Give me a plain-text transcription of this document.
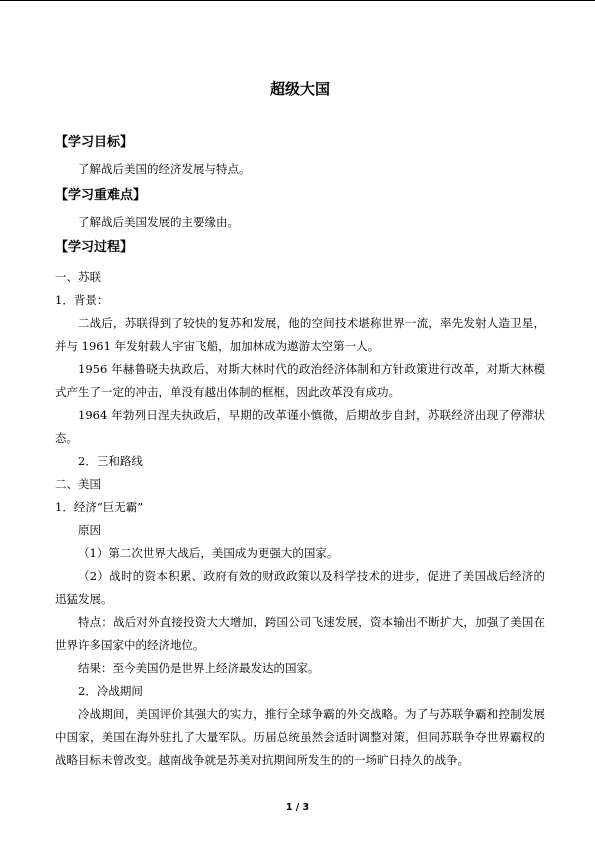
超级大国
【学习目标】
了解战后美国的经济发展与特点。
【学习重难点】
了解战后美国发展的主要缘由。
【学习过程】
一、苏联
1．背景：
二战后，苏联得到了较快的复苏和发展，他的空间技术堪称世界一流，率先发射人造卫星，并与 1961 年发射载人宇宙飞船，加加林成为遨游太空第一人。
1956 年赫鲁晓夫执政后，对斯大林时代的政治经济体制和方针政策进行改革，对斯大林模式产生了一定的冲击，单没有越出体制的框框，因此改革没有成功。
1964 年勃列日涅夫执政后，早期的改革谨小慎微，后期故步自封，苏联经济出现了停滞状态。
2．三和路线
二、美国
1．经济“巨无霸”
原因
（1）第二次世界大战后，美国成为更强大的国家。
（2）战时的资本积累、政府有效的财政政策以及科学技术的进步，促进了美国战后经济的迅猛发展。
特点：战后对外直接投资大大增加，跨国公司飞速发展，资本输出不断扩大，加强了美国在世界许多国家中的经济地位。
结果：至今美国仍是世界上经济最发达的国家。
2．冷战期间
冷战期间，美国评价其强大的实力，推行全球争霸的外交战略。为了与苏联争霸和控制发展中国家，美国在海外驻扎了大量军队。历届总统虽然会适时调整对策，但同苏联争夺世界霸权的战略目标未曾改变。越南战争就是苏美对抗期间所发生的的一场旷日持久的战争。
1 / 3
